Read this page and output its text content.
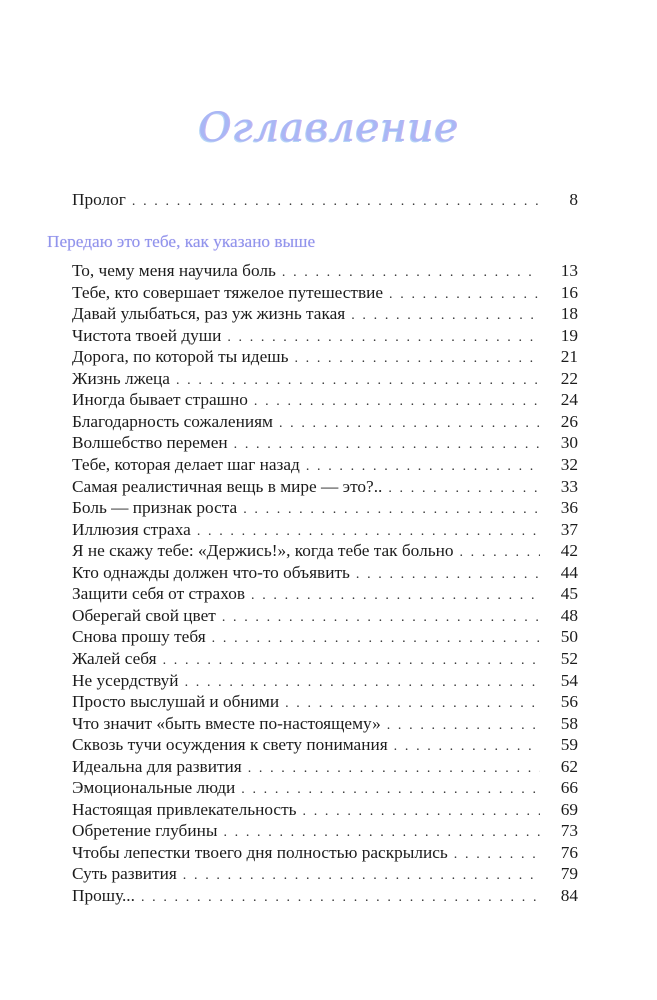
Оглавление
Пролог . . .	8
Передаю это тебе, как указано выше
То, чему меня научила боль . . .	13
Тебе, кто совершает тяжелое путешествие . . .	16
Давай улыбаться, раз уж жизнь такая . . .	18
Чистота твоей души . . .	19
Дорога, по которой ты идешь . . .	21
Жизнь лжеца . . .	22
Иногда бывает страшно . . .	24
Благодарность сожалениям . . .	26
Волшебство перемен . . .	30
Тебе, которая делает шаг назад . . .	32
Самая реалистичная вещь в мире — это?.. . . .	33
Боль — признак роста . . .	36
Иллюзия страха . . .	37
Я не скажу тебе: «Держись!», когда тебе так больно . . .	42
Кто однажды должен что-то объявить . . .	44
Защити себя от страхов . . .	45
Оберегай свой цвет . . .	48
Снова прошу тебя . . .	50
Жалей себя . . .	52
Не усердствуй . . .	54
Просто выслушай и обними . . .	56
Что значит «быть вместе по-настоящему» . . .	58
Сквозь тучи осуждения к свету понимания . . .	59
Идеальна для развития . . .	62
Эмоциональные люди . . .	66
Настоящая привлекательность . . .	69
Обретение глубины . . .	73
Чтобы лепестки твоего дня полностью раскрылись . . .	76
Суть развития . . .	79
Прошу... . . .	84
